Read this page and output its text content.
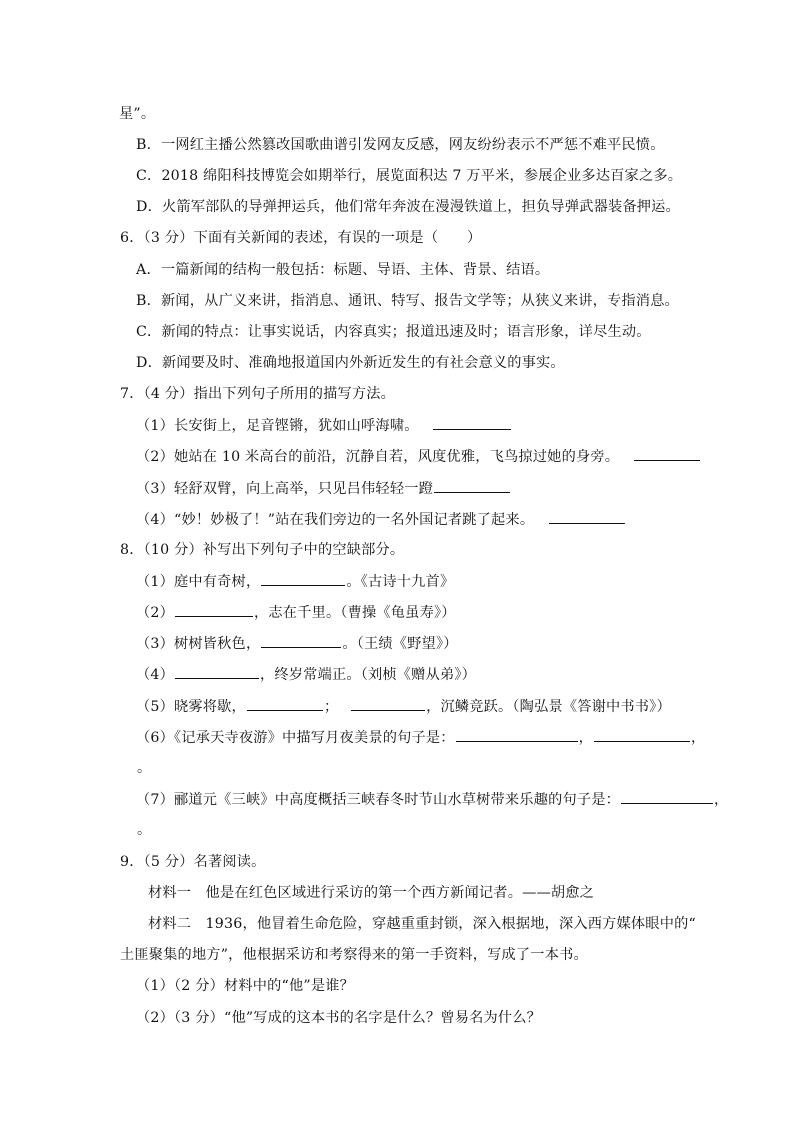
星”。
B．一网红主播公然篡改国歌曲谱引发网友反感，网友纷纷表示不严惩不难平民愤。
C．2018 绵阳科技博览会如期举行，展览面积达 7 万平米，参展企业多达百家之多。
D．火箭军部队的导弹押运兵，他们常年奔波在漫漫铁道上，担负导弹武器装备押运。
6．（3 分）下面有关新闻的表述，有误的一项是（　　）
A．一篇新闻的结构一般包括：标题、导语、主体、背景、结语。
B．新闻，从广义来讲，指消息、通讯、特写、报告文学等；从狭义来讲，专指消息。
C．新闻的特点：让事实说话，内容真实；报道迅速及时；语言形象，详尽生动。
D．新闻要及时、准确地报道国内外新近发生的有社会意义的事实。
7．（4 分）指出下列句子所用的描写方法。
（1）长安街上，足音铿锵，犹如山呼海啸。
（2）她站在 10 米高台的前沿，沉静自若，风度优雅，飞鸟掠过她的身旁。
（3）轻舒双臂，向上高举，只见吕伟轻轻一蹬
（4）“妙！妙极了！”站在我们旁边的一名外国记者跳了起来。
8．（10 分）补写出下列句子中的空缺部分。
（1）庭中有奇树，	。《古诗十九首》
（2）	，志在千里。（曹操《龟虽寿》）
（3）树树皆秋色，	。（王绩《野望》）
（4）	，终岁常端正。（刘桢《赠从弟》）
（5）晓雾将歇，	；	，沉鳞竞跃。（陶弘景《答谢中书书》）
（6）《记承天寺夜游》中描写月夜美景的句子是：	，	，
。
（7）郦道元《三峡》中高度概括三峡春冬时节山水草树带来乐趣的句子是：	，
。
9．（5 分）名著阅读。
材料一　他是在红色区域进行采访的第一个西方新闻记者。——胡愈之
材料二　1936，他冒着生命危险，穿越重重封锁，深入根据地，深入西方媒体眼中的“
土匪聚集的地方”，他根据采访和考察得来的第一手资料，写成了一本书。
（1）（2 分）材料中的“他”是谁？
（2）（3 分）“他”写成的这本书的名字是什么？曾易名为什么？
